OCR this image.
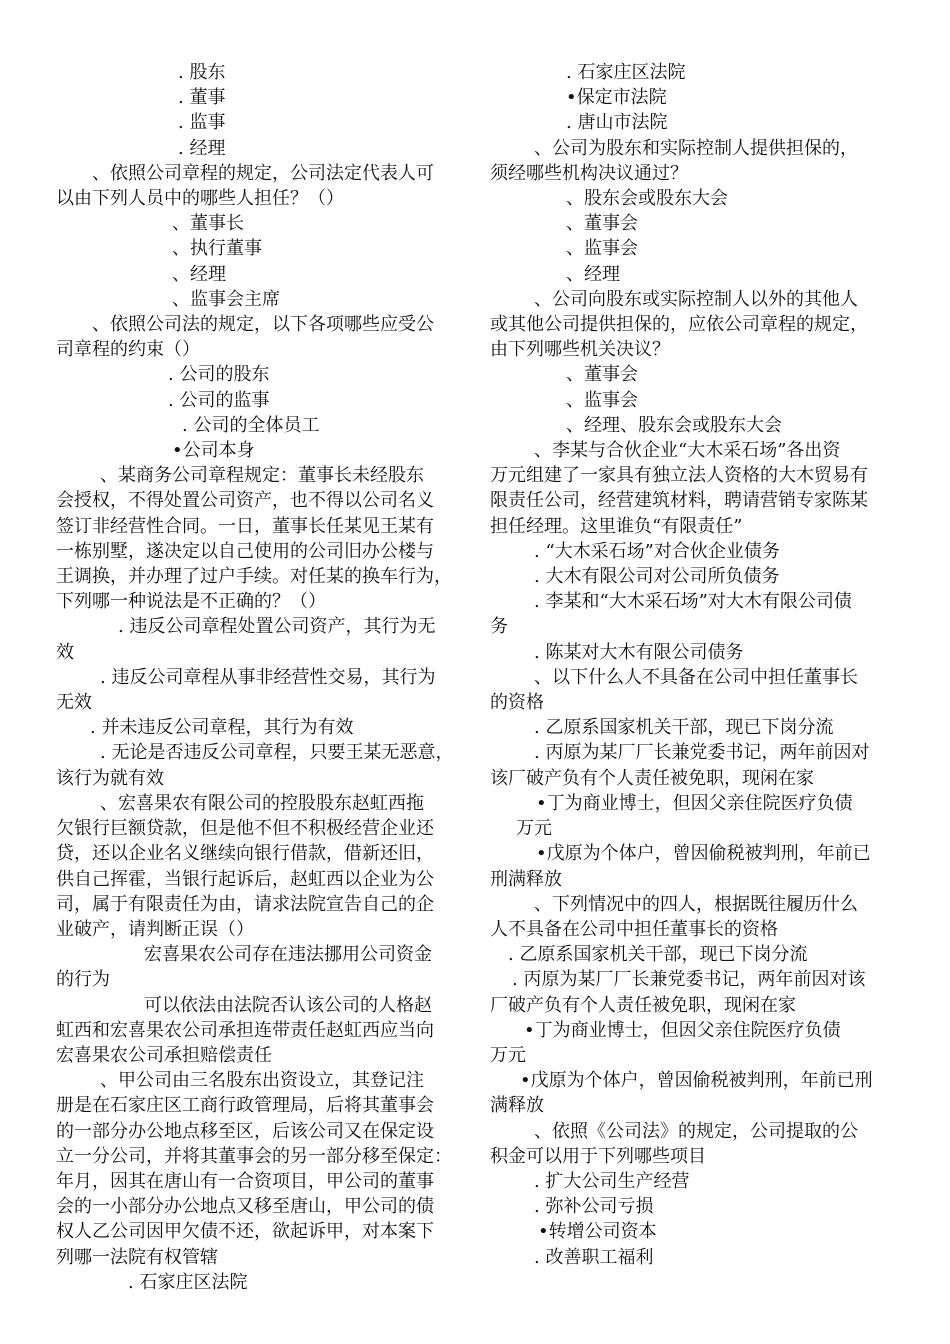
. 股东
. 董事
. 监事
. 经理
、依照公司章程的规定，公司法定代表人可
以由下列人员中的哪些人担任？（）
、董事长
、执行董事
、经理
、监事会主席
、依照公司法的规定，以下各项哪些应受公
司章程的约束（）
. 公司的股东
. 公司的监事
. 公司的全体员工
•公司本身
、某商务公司章程规定：董事长未经股东
会授权，不得处置公司资产，也不得以公司名义
签订非经营性合同。一日，董事长任某见王某有
一栋别墅，遂决定以自己使用的公司旧办公楼与
王调换，并办理了过户手续。对任某的换车行为，
下列哪一种说法是不正确的？（）
. 违反公司章程处置公司资产，其行为无
效
. 违反公司章程从事非经营性交易，其行为
无效
. 并未违反公司章程，其行为有效
. 无论是否违反公司章程，只要王某无恶意，
该行为就有效
、宏喜果农有限公司的控股股东赵虹西拖
欠银行巨额贷款，但是他不但不积极经营企业还
贷，还以企业名义继续向银行借款，借新还旧，
供自己挥霍，当银行起诉后，赵虹西以企业为公
司，属于有限责任为由，请求法院宣告自己的企
业破产，请判断正误（）
宏喜果农公司存在违法挪用公司资金
的行为
可以依法由法院否认该公司的人格赵
虹西和宏喜果农公司承担连带责任赵虹西应当向
宏喜果农公司承担赔偿责任
、甲公司由三名股东出资设立，其登记注
册是在石家庄区工商行政管理局，后将其董事会
的一部分办公地点移至区，后该公司又在保定设
立一分公司，并将其董事会的另一部分移至保定：
年月，因其在唐山有一合资项目，甲公司的董事
会的一小部分办公地点又移至唐山，甲公司的债
权人乙公司因甲欠债不还，欲起诉甲，对本案下
列哪一法院有权管辖
. 石家庄区法院
. 石家庄区法院
•保定市法院
. 唐山市法院
、公司为股东和实际控制人提供担保的，
须经哪些机构决议通过？
、股东会或股东大会
、董事会
、监事会
、经理
、公司向股东或实际控制人以外的其他人
或其他公司提供担保的，应依公司章程的规定，
由下列哪些机关决议？
、董事会
、监事会
、经理、股东会或股东大会
、李某与合伙企业“大木采石场”各出资
万元组建了一家具有独立法人资格的大木贸易有
限责任公司，经营建筑材料，聘请营销专家陈某
担任经理。这里谁负“有限责任”
. “大木采石场”对合伙企业债务
. 大木有限公司对公司所负债务
. 李某和“大木采石场”对大木有限公司债
务
. 陈某对大木有限公司债务
、以下什么人不具备在公司中担任董事长
的资格
. 乙原系国家机关干部，现已下岗分流
. 丙原为某厂厂长兼党委书记，两年前因对
该厂破产负有个人责任被免职，现闲在家
•丁为商业博士，但因父亲住院医疗负债
万元
•戊原为个体户，曾因偷税被判刑，年前已
刑满释放
、下列情况中的四人，根据既往履历什么
人不具备在公司中担任董事长的资格
. 乙原系国家机关干部，现已下岗分流
. 丙原为某厂厂长兼党委书记，两年前因对该
厂破产负有个人责任被免职，现闲在家
•丁为商业博士，但因父亲住院医疗负债
万元
•戊原为个体户，曾因偷税被判刑，年前已刑
满释放
、依照《公司法》的规定，公司提取的公
积金可以用于下列哪些项目
. 扩大公司生产经营
. 弥补公司亏损
•转增公司资本
. 改善职工福利
